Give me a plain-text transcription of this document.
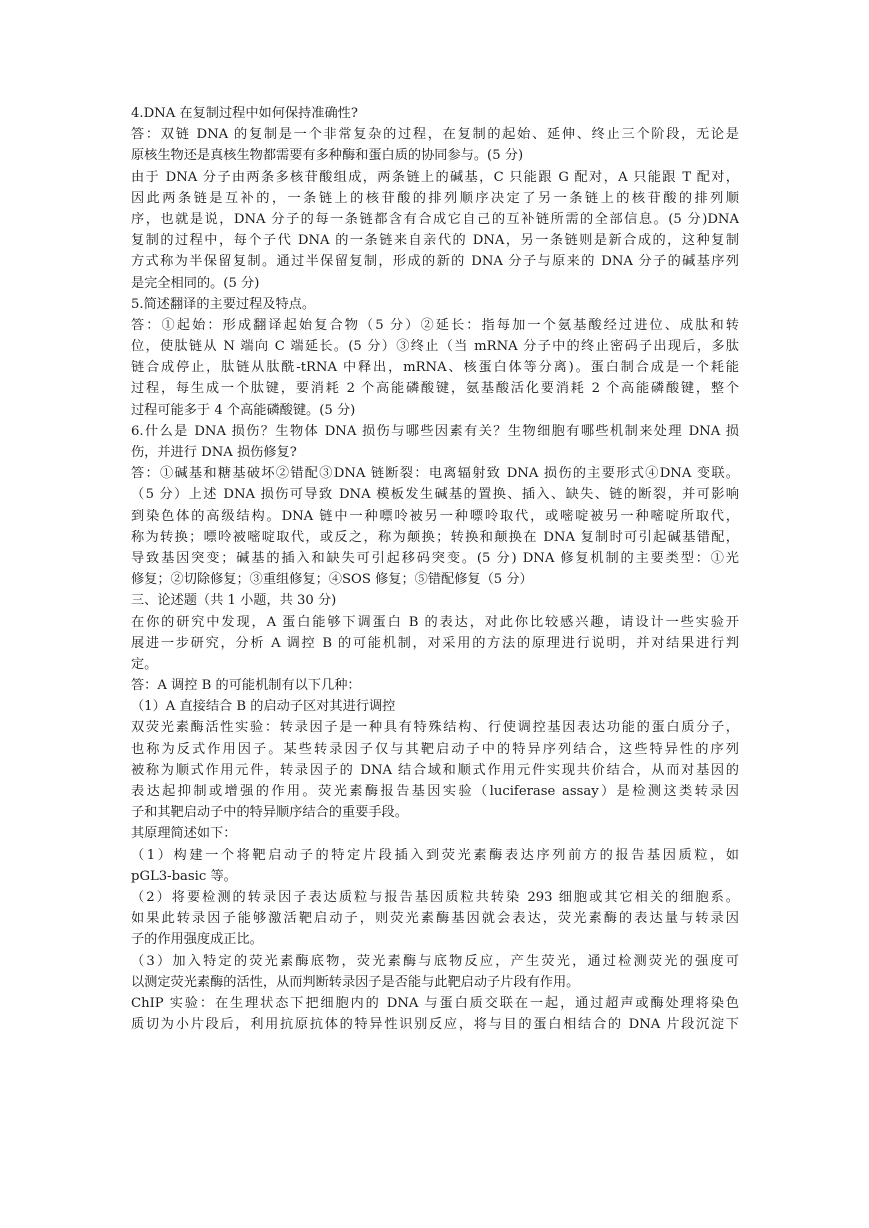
4.DNA 在复制过程中如何保持准确性?
答：双链 DNA 的复制是一个非常复杂的过程，在复制的起始、延伸、终止三个阶段，无论是
原核生物还是真核生物都需要有多种酶和蛋白质的协同参与。(5 分)
由于 DNA 分子由两条多核苷酸组成，两条链上的碱基，C 只能跟 G 配对，A 只能跟 T 配对，
因此两条链是互补的，一条链上的核苷酸的排列顺序决定了另一条链上的核苷酸的排列顺
序，也就是说，DNA 分子的每一条链都含有合成它自己的互补链所需的全部信息。(5 分)DNA
复制的过程中，每个子代 DNA 的一条链来自亲代的 DNA，另一条链则是新合成的，这种复制
方式称为半保留复制。通过半保留复制，形成的新的 DNA 分子与原来的 DNA 分子的碱基序列
是完全相同的。(5 分)
5.简述翻译的主要过程及特点。
答：①起始：形成翻译起始复合物（5 分）②延长：指每加一个氨基酸经过进位、成肽和转
位，使肽链从 N 端向 C 端延长。(5 分）③终止（当 mRNA 分子中的终止密码子出现后，多肽
链合成停止，肽链从肽酰-tRNA 中释出，mRNA、核蛋白体等分离)。蛋白制合成是一个耗能
过程，每生成一个肽键，要消耗 2 个高能磷酸键，氨基酸活化要消耗 2 个高能磷酸键，整个
过程可能多于 4 个高能磷酸键。(5 分)
6.什么是 DNA 损伤？生物体 DNA 损伤与哪些因素有关？生物细胞有哪些机制来处理 DNA 损
伤，并进行 DNA 损伤修复?
答：①碱基和糖基破坏②错配③DNA 链断裂：电离辐射致 DNA 损伤的主要形式④DNA 变联。
（5 分）上述 DNA 损伤可导致 DNA 模板发生碱基的置换、插入、缺失、链的断裂，并可影响
到染色体的高级结构。DNA 链中一种嘌呤被另一种嘌呤取代，或嘧啶被另一种嘧啶所取代，
称为转换；嘌呤被嘧啶取代，或反之，称为颠换；转换和颠换在 DNA 复制时可引起碱基错配，
导致基因突变；碱基的插入和缺失可引起移码突变。(5 分) DNA 修复机制的主要类型：①光
修复；②切除修复；③重组修复；④SOS 修复；⑤错配修复（5 分）
三、论述题（共 1 小题，共 30 分)
在你的研究中发现，A 蛋白能够下调蛋白 B 的表达，对此你比较感兴趣，请设计一些实验开
展进一步研究，分析 A 调控 B 的可能机制，对采用的方法的原理进行说明，并对结果进行判
定。
答：A 调控 B 的可能机制有以下几种：
（1）A 直接结合 B 的启动子区对其进行调控
双荧光素酶活性实验：转录因子是一种具有特殊结构、行使调控基因表达功能的蛋白质分子，
也称为反式作用因子。某些转录因子仅与其靶启动子中的特异序列结合，这些特异性的序列
被称为顺式作用元件，转录因子的 DNA 结合域和顺式作用元件实现共价结合，从而对基因的
表达起抑制或增强的作用。荧光素酶报告基因实验（luciferase assay）是检测这类转录因
子和其靶启动子中的特异顺序结合的重要手段。
其原理简述如下：
（1）构建一个将靶启动子的特定片段插入到荧光素酶表达序列前方的报告基因质粒，如
pGL3-basic 等。
（2）将要检测的转录因子表达质粒与报告基因质粒共转染 293 细胞或其它相关的细胞系。
如果此转录因子能够激活靶启动子，则荧光素酶基因就会表达，荧光素酶的表达量与转录因
子的作用强度成正比。
（3）加入特定的荧光素酶底物，荧光素酶与底物反应，产生荧光，通过检测荧光的强度可
以测定荧光素酶的活性，从而判断转录因子是否能与此靶启动子片段有作用。
ChIP 实验：在生理状态下把细胞内的 DNA 与蛋白质交联在一起，通过超声或酶处理将染色
质切为小片段后，利用抗原抗体的特异性识别反应，将与目的蛋白相结合的 DNA 片段沉淀下
